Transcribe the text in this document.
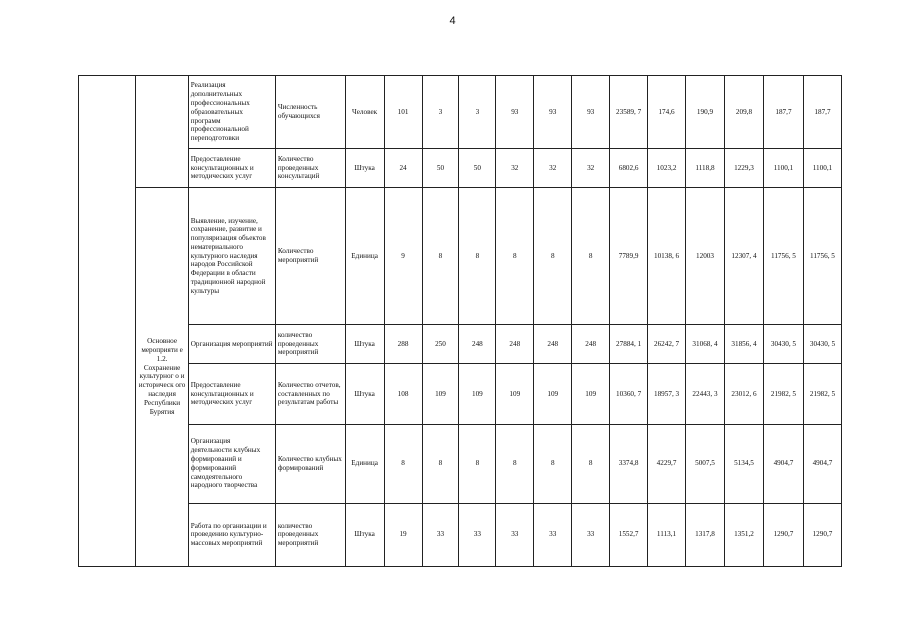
4
		Реализация дополнительных профессиональных образовательных программ профессиональной переподготовки	Численность обучающихся	Человек	101	3	3	93	93	93	23589, 7	174,6	190,9	209,8	187,7	187,7
		Предоставление консультационных и методических услуг	Количество проведенных консультаций	Штука	24	50	50	32	32	32	6802,6	1023,2	1118,8	1229,3	1100,1	1100,1
	Основное мероприяти е 1.2. Сохранение культурног о и историческ ого наследия Республики Бурятия	Выявление, изучение, сохранение, развитие и популяризация объектов нематериального культурного наследия народов Российской Федерации в области традиционной народной культуры	Количество мероприятий	Единица	9	8	8	8	8	8	7789,9	10138, 6	12003	12307, 4	11756, 5	11756, 5
		Организация мероприятий	количество проведенных мероприятий	Штука	288	250	248	248	248	248	27884, 1	26242, 7	31068, 4	31856, 4	30430, 5	30430, 5
		Предоставление консультационных и методических услуг	Количество отчетов, составленных по результатам работы	Штука	108	109	109	109	109	109	10360, 7	18957, 3	22443, 3	23012, 6	21982, 5	21982, 5
		Организация деятельности клубных формирований и формирований самодеятельного народного творчества	Количество клубных формирований	Единица	8	8	8	8	8	8	3374,8	4229,7	5007,5	5134,5	4904,7	4904,7
		Работа по организации и проведению культурно-массовых мероприятий	количество проведенных мероприятий	Штука	19	33	33	33	33	33	1552,7	1113,1	1317,8	1351,2	1290,7	1290,7
